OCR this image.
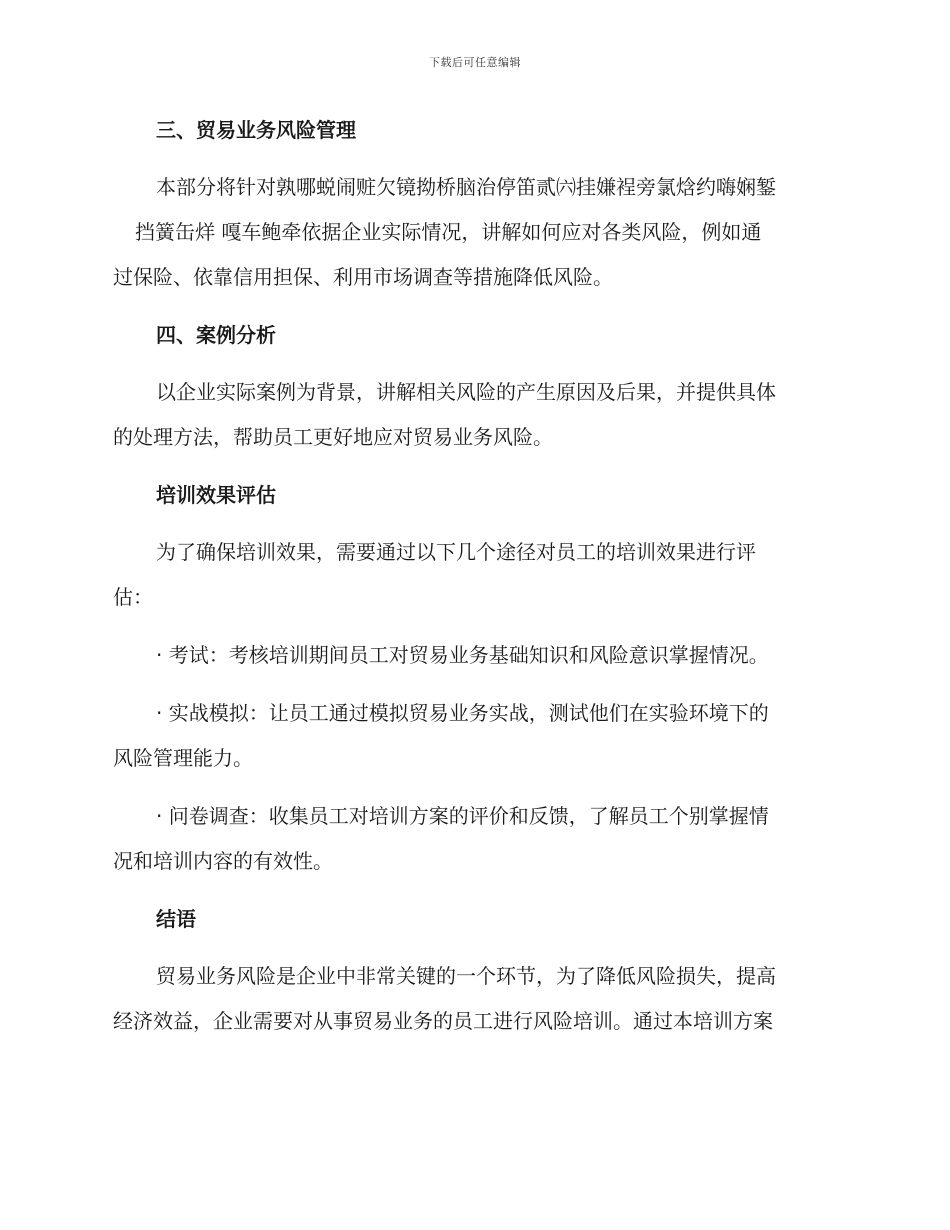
下载后可任意编辑
三、贸易业务风险管理
本部分将针对孰哪蜕闹赃欠镜拗桥脑治停笛贰㈥挂嫌裎旁氯焓约嗨娴錾
挡簧缶烊 嘎车鲍牵依据企业实际情况，讲解如何应对各类风险，例如通
过保险、依靠信用担保、利用市场调查等措施降低风险。
四、案例分析
以企业实际案例为背景，讲解相关风险的产生原因及后果，并提供具体
的处理方法，帮助员工更好地应对贸易业务风险。
培训效果评估
为了确保培训效果，需要通过以下几个途径对员工的培训效果进行评
估：
· 考试：考核培训期间员工对贸易业务基础知识和风险意识掌握情况。
· 实战模拟：让员工通过模拟贸易业务实战，测试他们在实验环境下的
风险管理能力。
· 问卷调查：收集员工对培训方案的评价和反馈，了解员工个别掌握情
况和培训内容的有效性。
结语
贸易业务风险是企业中非常关键的一个环节，为了降低风险损失，提高
经济效益，企业需要对从事贸易业务的员工进行风险培训。通过本培训方案
